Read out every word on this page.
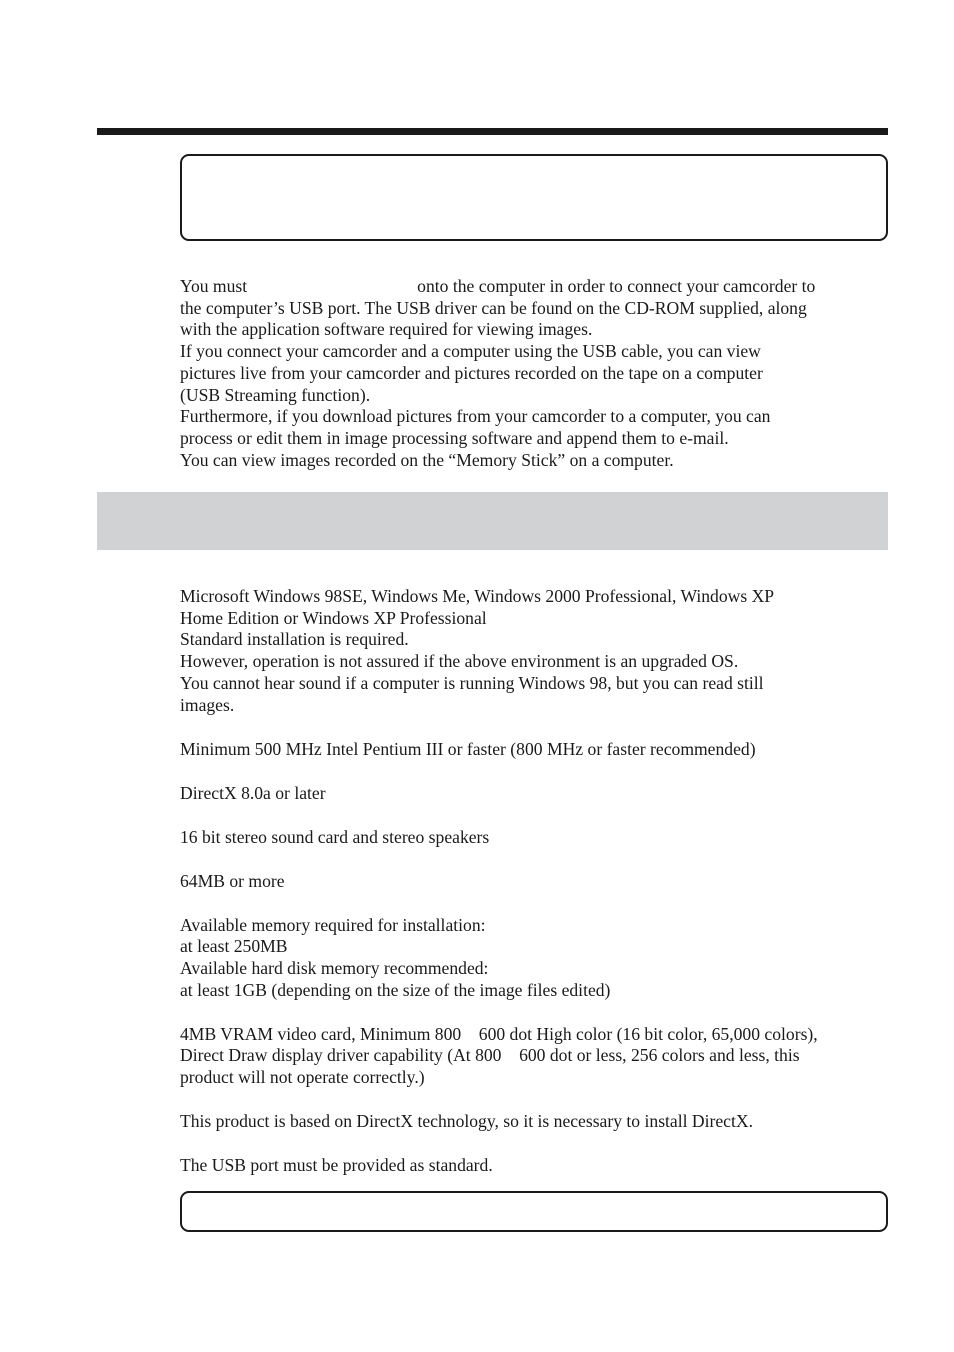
You must	onto the computer in order to connect your camcorder to

the computer’s USB port. The USB driver can be found on the CD-ROM supplied, along

with the application software required for viewing images.

If you connect your camcorder and a computer using the USB cable, you can view

pictures live from your camcorder and pictures recorded on the tape on a computer

(USB Streaming function).

Furthermore, if you download pictures from your camcorder to a computer, you can

process or edit them in image processing software and append them to e-mail.

You can view images recorded on the “Memory Stick” on a computer.

Microsoft Windows 98SE, Windows Me, Windows 2000 Professional, Windows XP

Home Edition or Windows XP Professional

Standard installation is required.

However, operation is not assured if the above environment is an upgraded OS.

You cannot hear sound if a computer is running Windows 98, but you can read still

images.

Minimum 500 MHz Intel Pentium III or faster (800 MHz or faster recommended)

DirectX 8.0a or later

16 bit stereo sound card and stereo speakers

64MB or more

Available memory required for installation:

at least 250MB

Available hard disk memory recommended:

at least 1GB (depending on the size of the image files edited)

4MB VRAM video card, Minimum 800    600 dot High color (16 bit color, 65,000 colors),

Direct Draw display driver capability (At 800    600 dot or less, 256 colors and less, this

product will not operate correctly.)

This product is based on DirectX technology, so it is necessary to install DirectX.

The USB port must be provided as standard.
